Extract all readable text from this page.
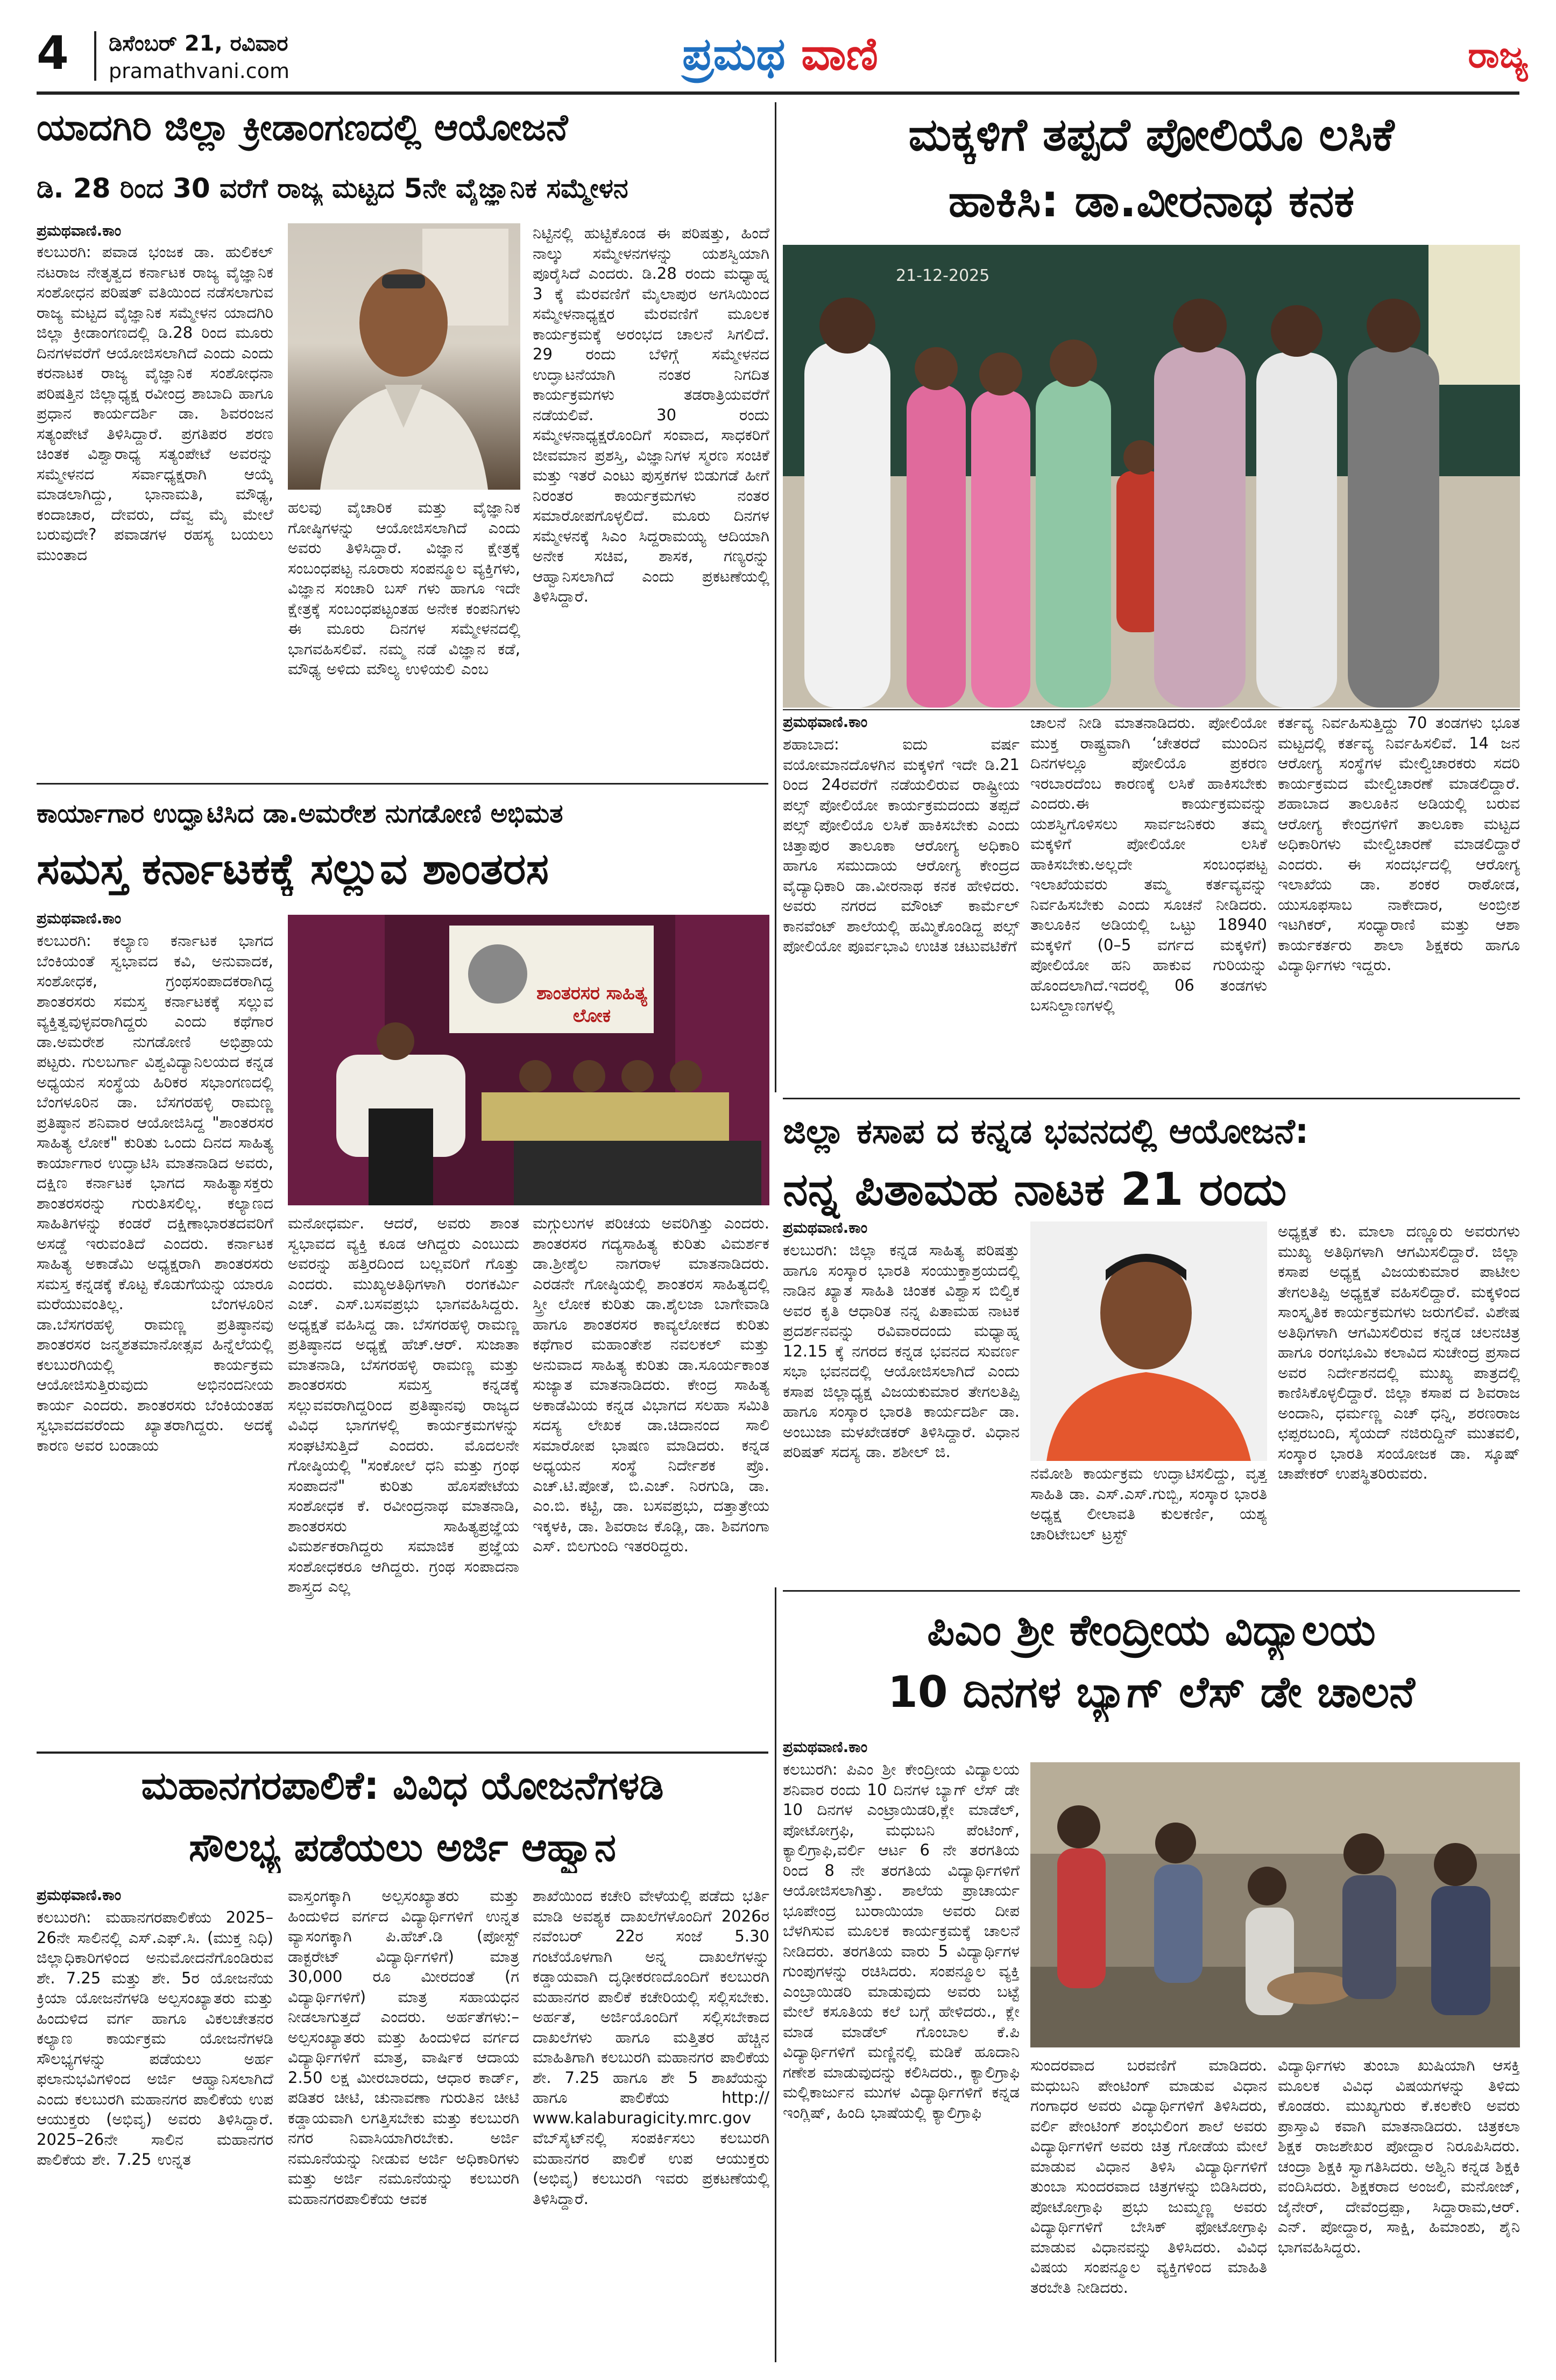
4 ಡಿಸೆಂಬರ್ 21, ರವಿವಾರ
pramathvani.com	ಪ್ರಮಥ ವಾಣಿ	ರಾಜ್ಯ
ಯಾದಗಿರಿ ಜಿಲ್ಲಾ ಕ್ರೀಡಾಂಗಣದಲ್ಲಿ ಆಯೋಜನೆ
ಡಿ. 28 ರಿಂದ 30 ವರೆಗೆ ರಾಜ್ಯ ಮಟ್ಟದ 5ನೇ ವೈಜ್ಞಾನಿಕ ಸಮ್ಮೇಳನ
ಪ್ರಮಥವಾಣಿ.ಕಾಂ
ಕಲಬುರಗಿ: ಪವಾಡ ಭಂಜಕ ಡಾ. ಹುಲಿಕಲ್ ನಟರಾಜ ನೇತೃತ್ವದ ಕರ್ನಾಟಕ ರಾಜ್ಯ ವೈಜ್ಞಾನಿಕ ಸಂಶೋಧನ ಪರಿಷತ್ ವತಿಯಿಂದ ನಡೆಸಲಾಗುವ ರಾಜ್ಯ ಮಟ್ಟದ ವೈಜ್ಞಾನಿಕ ಸಮ್ಮೇಳನ ಯಾದಗಿರಿ ಜಿಲ್ಲಾ ಕ್ರೀಡಾಂಗಣದಲ್ಲಿ ಡಿ.28 ರಿಂದ ಮೂರು ದಿನಗಳವರೆಗೆ ಆಯೋಜಿಸಲಾಗಿದೆ ಎಂದು ಎಂದು ಕರನಾಟಕ ರಾಜ್ಯ ವೈಜ್ಞಾನಿಕ ಸಂಶೋಧನಾ ಪರಿಷತ್ತಿನ ಜಿಲ್ಲಾಧ್ಯಕ್ಷ ರವೀಂದ್ರ ಶಾಬಾದಿ ಹಾಗೂ ಪ್ರಧಾನ ಕಾರ್ಯದರ್ಶಿ ಡಾ. ಶಿವರಂಜನ ಸತ್ಯಂಪೇಟೆ ತಿಳಿಸಿದ್ದಾರೆ. ಪ್ರಗತಿಪರ ಶರಣ ಚಿಂತಕ ವಿಶ್ವಾರಾಧ್ಯ ಸತ್ಯಂಪೇಟೆ ಅವರನ್ನು ಸಮ್ಮೇಳನದ ಸರ್ವಾಧ್ಯಕ್ಷರಾಗಿ ಆಯ್ಕೆ ಮಾಡಲಾಗಿದ್ದು, ಭಾನಾಮತಿ, ಮೌಢ್ಯ, ಕಂದಾಚಾರ, ದೇವರು, ದೆವ್ವ ಮೈ ಮೇಲೆ ಬರುವುದೇ? ಪವಾಡಗಳ ರಹಸ್ಯ ಬಯಲು ಮುಂತಾದ
ಹಲವು ವೈಚಾರಿಕ ಮತ್ತು ವೈಜ್ಞಾನಿಕ ಗೋಷ್ಠಿಗಳನ್ನು ಆಯೋಜಿಸಲಾಗಿದೆ ಎಂದು ಅವರು ತಿಳಿಸಿದ್ದಾರೆ. ವಿಜ್ಞಾನ ಕ್ಷೇತ್ರಕ್ಕೆ ಸಂಬಂಧಪಟ್ಟ ನೂರಾರು ಸಂಪನ್ಮೂಲ ವ್ಯಕ್ತಿಗಳು, ವಿಜ್ಞಾನ ಸಂಚಾರಿ ಬಸ್ ಗಳು ಹಾಗೂ ಇದೇ ಕ್ಷೇತ್ರಕ್ಕೆ ಸಂಬಂಧಪಟ್ಟಂತಹ ಅನೇಕ ಕಂಪನಿಗಳು ಈ ಮೂರು ದಿನಗಳ ಸಮ್ಮೇಳನದಲ್ಲಿ ಭಾಗವಹಿಸಲಿವೆ. ನಮ್ಮ ನಡೆ ವಿಜ್ಞಾನ ಕಡೆ, ಮೌಢ್ಯ ಅಳಿದು ಮೌಲ್ಯ ಉಳಿಯಲಿ ಎಂಬ
ನಿಟ್ಟಿನಲ್ಲಿ ಹುಟ್ಟಿಕೊಂಡ ಈ ಪರಿಷತ್ತು, ಹಿಂದೆ ನಾಲ್ಕು ಸಮ್ಮೇಳನಗಳನ್ನು ಯಶಸ್ವಿಯಾಗಿ ಪೂರೈಸಿದೆ ಎಂದರು. ಡಿ.28 ರಂದು ಮಧ್ಯಾಹ್ನ 3 ಕ್ಕೆ ಮೆರವಣಿಗೆ ಮೈಲಾಪುರ ಅಗಸಿಯಿಂದ ಸಮ್ಮೇಳನಾಧ್ಯಕ್ಷರ ಮೆರವಣಿಗೆ ಮೂಲಕ ಕಾರ್ಯಕ್ರಮಕ್ಕೆ ಅರಂಭದ ಚಾಲನೆ ಸಿಗಲಿದೆ. 29 ರಂದು ಬೆಳಿಗ್ಗೆ ಸಮ್ಮೇಳನದ ಉದ್ಘಾಟನೆಯಾಗಿ ನಂತರ ನಿಗದಿತ ಕಾರ್ಯಕ್ರಮಗಳು ತಡರಾತ್ರಿಯವರೆಗೆ ನಡೆಯಲಿವೆ. 30 ರಂದು ಸಮ್ಮೇಳನಾಧ್ಯಕ್ಷರೊಂದಿಗೆ ಸಂವಾದ, ಸಾಧಕರಿಗೆ ಜೀವಮಾನ ಪ್ರಶಸ್ತಿ, ವಿಜ್ಞಾನಿಗಳ ಸ್ಮರಣ ಸಂಚಿಕೆ ಮತ್ತು ಇತರೆ ಎಂಟು ಪುಸ್ತಕಗಳ ಬಿಡುಗಡೆ ಹೀಗೆ ನಿರಂತರ ಕಾರ್ಯಕ್ರಮಗಳು ನಂತರ ಸಮಾರೋಪಗೊಳ್ಳಲಿದೆ. ಮೂರು ದಿನಗಳ ಸಮ್ಮೇಳನಕ್ಕೆ ಸಿಎಂ ಸಿದ್ದರಾಮಯ್ಯ ಆದಿಯಾಗಿ ಅನೇಕ ಸಚಿವ, ಶಾಸಕ, ಗಣ್ಯರನ್ನು ಆಹ್ವಾನಿಸಲಾಗಿದೆ ಎಂದು ಪ್ರಕಟಣೆಯಲ್ಲಿ ತಿಳಿಸಿದ್ದಾರೆ.
ಮಕ್ಕಳಿಗೆ ತಪ್ಪದೆ ಪೋಲಿಯೊ ಲಸಿಕೆ
ಹಾಕಿಸಿ: ಡಾ.ವೀರನಾಥ ಕನಕ
21-12-2025
ಪ್ರಮಥವಾಣಿ.ಕಾಂ
ಶಹಾಬಾದ: ಐದು ವರ್ಷ ವಯೋಮಾನದೊಳಗಿನ ಮಕ್ಕಳಿಗೆ ಇದೇ ಡಿ.21 ರಿಂದ 24ರವರೆಗೆ ನಡೆಯಲಿರುವ ರಾಷ್ಟ್ರೀಯ ಪಲ್ಸ್ ಪೋಲಿಯೋ ಕಾರ್ಯಕ್ರಮದಂದು ತಪ್ಪದೆ ಪಲ್ಸ್ ಪೋಲಿಯೊ ಲಸಿಕೆ ಹಾಕಿಸಬೇಕು ಎಂದು ಚಿತ್ತಾಪುರ ತಾಲೂಕಾ ಆರೋಗ್ಯ ಅಧಿಕಾರಿ ಹಾಗೂ ಸಮುದಾಯ ಆರೋಗ್ಯ ಕೇಂದ್ರದ ವೈದ್ಯಾಧಿಕಾರಿ ಡಾ.ವೀರನಾಥ ಕನಕ ಹೇಳಿದರು. ಅವರು ನಗರದ ಮೌಂಟ್ ಕಾರ್ಮೆಲ್ ಕಾನವೆಂಟ್ ಶಾಲೆಯಲ್ಲಿ ಹಮ್ಮಿಕೊಂಡಿದ್ದ ಪಲ್ಸ್ ಪೋಲಿಯೋ ಪೂರ್ವಭಾವಿ ಉಚಿತ ಚಟುವಟಿಕೆಗೆ
ಚಾಲನೆ ನೀಡಿ ಮಾತನಾಡಿದರು. ಪೋಲಿಯೋ ಮುಕ್ತ ರಾಷ್ಟ್ರವಾಗಿ ‘ಚೇತರದೆ ಮುಂದಿನ ದಿನಗಳಲ್ಲೂ ಪೋಲಿಯೊ ಪ್ರಕರಣ ಇರಬಾರದೆಂಬ ಕಾರಣಕ್ಕೆ ಲಸಿಕೆ ಹಾಕಿಸಬೇಕು ಎಂದರು.ಈ ಕಾರ್ಯಕ್ರಮವನ್ನು ಯಶಸ್ವಿಗೊಳಿಸಲು ಸಾರ್ವಜನಿಕರು ತಮ್ಮ ಮಕ್ಕಳಿಗೆ ಪೋಲಿಯೋ ಲಸಿಕೆ ಹಾಕಿಸಬೇಕು.ಅಲ್ಲದೇ ಸಂಬಂಧಪಟ್ಟ ಇಲಾಖೆಯವರು ತಮ್ಮ ಕರ್ತವ್ಯವನ್ನು ನಿರ್ವಹಿಸಬೇಕು ಎಂದು ಸೂಚನೆ ನೀಡಿದರು. ತಾಲೂಕಿನ ಅಡಿಯಲ್ಲಿ ಒಟ್ಟು 18940 ಮಕ್ಕಳಿಗೆ (0–5 ವರ್ಗದ ಮಕ್ಕಳಿಗೆ) ಪೋಲಿಯೋ ಹನಿ ಹಾಕುವ ಗುರಿಯನ್ನು ಹೊಂದಲಾಗಿದೆ.ಇದರಲ್ಲಿ 06 ತಂಡಗಳು ಬಸನಿಲ್ದಾಣಗಳಲ್ಲಿ
ಕರ್ತವ್ಯ ನಿರ್ವಹಿಸುತ್ತಿದ್ದು 70 ತಂಡಗಳು ಭೂತ ಮಟ್ಟದಲ್ಲಿ ಕರ್ತವ್ಯ ನಿರ್ವಹಿಸಲಿವೆ. 14 ಜನ ಆರೋಗ್ಯ ಸಂಸ್ಥೆಗಳ ಮೇಲ್ವಿಚಾರಕರು ಸದರಿ ಕಾರ್ಯಕ್ರಮದ ಮೇಲ್ವಿಚಾರಣೆ ಮಾಡಲಿದ್ದಾರೆ. ಶಹಾಬಾದ ತಾಲೂಕಿನ ಅಡಿಯಲ್ಲಿ ಬರುವ ಆರೋಗ್ಯ ಕೇಂದ್ರಗಳಿಗೆ ತಾಲೂಕಾ ಮಟ್ಟದ ಅಧಿಕಾರಿಗಳು ಮೇಲ್ವಿಚಾರಣೆ ಮಾಡಲಿದ್ದಾರೆ ಎಂದರು. ಈ ಸಂದರ್ಭದಲ್ಲಿ ಆರೋಗ್ಯ ಇಲಾಖೆಯ ಡಾ. ಶಂಕರ ರಾಠೋಡ, ಯುಸೂಫಸಾಬ ನಾಕೇದಾರ, ಅಂಬ್ರೀಶ ಇಟಗಿಕರ್, ಸಂಧ್ಯಾರಾಣಿ ಮತ್ತು ಆಶಾ ಕಾರ್ಯಕರ್ತರು ಶಾಲಾ ಶಿಕ್ಷಕರು ಹಾಗೂ ವಿದ್ಯಾರ್ಥಿಗಳು ಇದ್ದರು.
ಕಾರ್ಯಾಗಾರ ಉದ್ಘಾಟಿಸಿದ ಡಾ.ಅಮರೇಶ ನುಗಡೋಣಿ ಅಭಿಮತ
ಸಮಸ್ತ ಕರ್ನಾಟಕಕ್ಕೆ ಸಲ್ಲುವ ಶಾಂತರಸ
ಪ್ರಮಥವಾಣಿ.ಕಾಂ
ಕಲಬುರಗಿ: ಕಲ್ಯಾಣ ಕರ್ನಾಟಕ ಭಾಗದ ಬೆಂಕಿಯಂತೆ ಸ್ವಭಾವದ ಕವಿ, ಅನುವಾದಕ, ಸಂಶೋಧಕ, ಗ್ರಂಥಸಂಪಾದಕರಾಗಿದ್ದ ಶಾಂತರಸರು ಸಮಸ್ತ ಕರ್ನಾಟಕಕ್ಕೆ ಸಲ್ಲುವ ವ್ಯಕ್ತಿತ್ವವುಳ್ಳವರಾಗಿದ್ದರು ಎಂದು ಕಥೆಗಾರ ಡಾ.ಅಮರೇಶ ನುಗಡೋಣಿ ಅಭಿಪ್ರಾಯ ಪಟ್ಟರು. ಗುಲಬರ್ಗಾ ವಿಶ್ವವಿದ್ಯಾನಿಲಯದ ಕನ್ನಡ ಅಧ್ಯಯನ ಸಂಸ್ಥೆಯ ಹಿರಿಕರ ಸಭಾಂಗಣದಲ್ಲಿ ಬೆಂಗಳೂರಿನ ಡಾ. ಬೆಸಗರಹಳ್ಳಿ ರಾಮಣ್ಣ ಪ್ರತಿಷ್ಠಾನ ಶನಿವಾರ ಆಯೋಜಿಸಿದ್ದ "ಶಾಂತರಸರ ಸಾಹಿತ್ಯ ಲೋಕ" ಕುರಿತು ಒಂದು ದಿನದ ಸಾಹಿತ್ಯ ಕಾರ್ಯಾಗಾರ ಉದ್ಘಾಟಿಸಿ ಮಾತನಾಡಿದ ಅವರು, ದಕ್ಷಿಣ ಕರ್ನಾಟಕ ಭಾಗದ ಸಾಹಿತ್ಯಾಸಕ್ತರು ಶಾಂತರಸರನ್ನು ಗುರುತಿಸಲಿಲ್ಲ. ಕಲ್ಯಾಣದ ಸಾಹಿತಿಗಳನ್ನು ಕಂಡರೆ ದಕ್ಷಿಣಾಭಾರತದವರಿಗೆ ಅಸಡ್ಡೆ ಇರುವಂತಿದೆ ಎಂದರು. ಕರ್ನಾಟಕ ಸಾಹಿತ್ಯ ಅಕಾಡೆಮಿ ಅಧ್ಯಕ್ಷರಾಗಿ ಶಾಂತರಸರು ಸಮಸ್ತ ಕನ್ನಡಕ್ಕೆ ಕೊಟ್ಟ ಕೊಡುಗೆಯನ್ನು ಯಾರೂ ಮರೆಯುವಂತಿಲ್ಲ. ಬೆಂಗಳೂರಿನ ಡಾ.ಬೆಸಗರಹಳ್ಳಿ ರಾಮಣ್ಣ ಪ್ರತಿಷ್ಠಾನವು ಶಾಂತರಸರ ಜನ್ಮಶತಮಾನೋತ್ಸವ ಹಿನ್ನೆಲೆಯಲ್ಲಿ ಕಲಬುರಗಿಯಲ್ಲಿ ಕಾರ್ಯಕ್ರಮ ಆಯೋಜಿಸುತ್ತಿರುವುದು ಅಭಿನಂದನೀಯ ಕಾರ್ಯ ಎಂದರು. ಶಾಂತರಸರು ಬೆಂಕಿಯಂತಹ ಸ್ವಭಾವದವರೆಂದು ಖ್ಯಾತರಾಗಿದ್ದರು. ಅದಕ್ಕೆ ಕಾರಣ ಅವರ ಬಂಡಾಯ
ಶಾಂತರಸರ ಸಾಹಿತ್ಯ ಲೋಕ
ಮನೋಧರ್ಮ. ಆದರೆ, ಅವರು ಶಾಂತ ಸ್ವಭಾವದ ವ್ಯಕ್ತಿ ಕೂಡ ಆಗಿದ್ದರು ಎಂಬುದು ಅವರನ್ನು ಹತ್ತಿರದಿಂದ ಬಲ್ಲವರಿಗೆ ಗೊತ್ತು ಎಂದರು. ಮುಖ್ಯಅತಿಥಿಗಳಾಗಿ ರಂಗಕರ್ಮಿ ಎಚ್. ಎಸ್.ಬಸವಪ್ರಭು ಭಾಗವಹಿಸಿದ್ದರು. ಅಧ್ಯಕ್ಷತೆ ವಹಿಸಿದ್ದ ಡಾ. ಬೆಸಗರಹಳ್ಳಿ ರಾಮಣ್ಣ ಪ್ರತಿಷ್ಠಾನದ ಅಧ್ಯಕ್ಷೆ ಹೆಚ್.ಆರ್. ಸುಜಾತಾ ಮಾತನಾಡಿ, ಬೆಸಗರಹಳ್ಳಿ ರಾಮಣ್ಣ ಮತ್ತು ಶಾಂತರಸರು ಸಮಸ್ತ ಕನ್ನಡಕ್ಕೆ ಸಲ್ಲುವವರಾಗಿದ್ದರಿಂದ ಪ್ರತಿಷ್ಠಾನವು ರಾಜ್ಯದ ವಿವಿಧ ಭಾಗಗಳಲ್ಲಿ ಕಾರ್ಯಕ್ರಮಗಳನ್ನು ಸಂಘಟಿಸುತ್ತಿದೆ ಎಂದರು. ಮೊದಲನೇ ಗೋಷ್ಠಿಯಲ್ಲಿ "ಸಂಕೋಲೆ ಧನಿ ಮತ್ತು ಗ್ರಂಥ ಸಂಪಾದನೆ" ಕುರಿತು ಹೊಸಪೇಟೆಯ ಸಂಶೋಧಕ ಕೆ. ರವೀಂದ್ರನಾಥ ಮಾತನಾಡಿ, ಶಾಂತರಸರು ಸಾಹಿತ್ಯಪ್ರಜ್ಞೆಯ ವಿಮರ್ಶಕರಾಗಿದ್ದರು ಸಮಾಜಿಕ ಪ್ರಜ್ಞೆಯ ಸಂಶೋಧಕರೂ ಆಗಿದ್ದರು. ಗ್ರಂಥ ಸಂಪಾದನಾ ಶಾಸ್ತ್ರದ ಎಲ್ಲ
ಮಗ್ಗುಲುಗಳ ಪರಿಚಯ ಅವರಿಗಿತ್ತು ಎಂದರು. ಶಾಂತರಸರ ಗದ್ಯಸಾಹಿತ್ಯ ಕುರಿತು ವಿಮರ್ಶಕ ಡಾ.ಶ್ರೀಶೈಲ ನಾಗರಾಳ ಮಾತನಾಡಿದರು. ಎರಡನೇ ಗೋಷ್ಠಿಯಲ್ಲಿ ಶಾಂತರಸ ಸಾಹಿತ್ಯದಲ್ಲಿ ಸ್ತ್ರೀ ಲೋಕ ಕುರಿತು ಡಾ.ಶೈಲಜಾ ಬಾಗೇವಾಡಿ ಹಾಗೂ ಶಾಂತರಸರ ಕಾವ್ಯಲೋಕದ ಕುರಿತು ಕಥೆಗಾರ ಮಹಾಂತೇಶ ನವಲಕಲ್ ಮತ್ತು ಅನುವಾದ ಸಾಹಿತ್ಯ ಕುರಿತು ಡಾ.ಸೂರ್ಯಕಾಂತ ಸುಜ್ಯಾತ ಮಾತನಾಡಿದರು. ಕೇಂದ್ರ ಸಾಹಿತ್ಯ ಅಕಾಡೆಮಿಯ ಕನ್ನಡ ವಿಭಾಗದ ಸಲಹಾ ಸಮಿತಿ ಸದಸ್ಯ ಲೇಖಕ ಡಾ.ಚಿದಾನಂದ ಸಾಲಿ ಸಮಾರೋಪ ಭಾಷಣ ಮಾಡಿದರು. ಕನ್ನಡ ಅಧ್ಯಯನ ಸಂಸ್ಥೆ ನಿರ್ದೇಶಕ ಪ್ರೊ. ಎಚ್.ಟಿ.ಪೋತೆ, ಬಿ.ಎಚ್. ನಿರಗುಡಿ, ಡಾ. ಎಂ.ಬಿ. ಕಟ್ಟಿ, ಡಾ. ಬಸವಪ್ರಭು, ದತ್ತಾತ್ರೇಯ ಇಕ್ಕಳಕಿ, ಡಾ. ಶಿವರಾಜ ಕೊಡ್ಲಿ, ಡಾ. ಶಿವಗಂಗಾ ಎಸ್. ಬಿಲಗುಂದಿ ಇತರರಿದ್ದರು.
ಜಿಲ್ಲಾ ಕಸಾಪ ದ ಕನ್ನಡ ಭವನದಲ್ಲಿ ಆಯೋಜನೆ:
ನನ್ನ ಪಿತಾಮಹ ನಾಟಕ 21 ರಂದು
ಪ್ರಮಥವಾಣಿ.ಕಾಂ
ಕಲಬುರಗಿ: ಜಿಲ್ಲಾ ಕನ್ನಡ ಸಾಹಿತ್ಯ ಪರಿಷತ್ತು ಹಾಗೂ ಸಂಸ್ಕಾರ ಭಾರತಿ ಸಂಯುಕ್ತಾಶ್ರಯದಲ್ಲಿ ನಾಡಿನ ಖ್ಯಾತ ಸಾಹಿತಿ ಚಿಂತಕ ವಿಶ್ವಾಸ ಬಿಲ್ವಿಕ ಅವರ ಕೃತಿ ಆಧಾರಿತ ನನ್ನ ಪಿತಾಮಹ ನಾಟಕ ಪ್ರದರ್ಶನವನ್ನು ರವಿವಾರದಂದು ಮಧ್ಯಾಹ್ನ 12.15 ಕ್ಕೆ ನಗರದ ಕನ್ನಡ ಭವನದ ಸುವರ್ಣ ಸಭಾ ಭವನದಲ್ಲಿ ಆಯೋಜಿಸಲಾಗಿದೆ ಎಂದು ಕಸಾಪ ಜಿಲ್ಲಾಧ್ಯಕ್ಷ ವಿಜಯಕುಮಾರ ತೇಗಲತಿಪ್ಪಿ ಹಾಗೂ ಸಂಸ್ಕಾರ ಭಾರತಿ ಕಾರ್ಯದರ್ಶಿ ಡಾ. ಅಂಬುಜಾ ಮಳಖೇಡಕರ್ ತಿಳಿಸಿದ್ದಾರೆ. ವಿಧಾನ ಪರಿಷತ್ ಸದಸ್ಯ ಡಾ. ಶಶೀಲ್ ಜಿ.
ಅಧ್ಯಕ್ಷತೆ ಕು. ಮಾಲಾ ದಣ್ಣೂರು ಅವರುಗಳು ಮುಖ್ಯ ಅತಿಥಿಗಳಾಗಿ ಆಗಮಿಸಲಿದ್ದಾರೆ. ಜಿಲ್ಲಾ ಕಸಾಪ ಅಧ್ಯಕ್ಷ ವಿಜಯಕುಮಾರ ಪಾಟೀಲ ತೇಗಲತಿಪ್ಪಿ ಅಧ್ಯಕ್ಷತೆ ವಹಿಸಲಿದ್ದಾರೆ. ಮಕ್ಕಳಿಂದ ಸಾಂಸ್ಕೃತಿಕ ಕಾರ್ಯಕ್ರಮಗಳು ಜರುಗಲಿವೆ. ವಿಶೇಷ ಅತಿಥಿಗಳಾಗಿ ಆಗಮಿಸಲಿರುವ ಕನ್ನಡ ಚಲನಚಿತ್ರ ಹಾಗೂ ರಂಗಭೂಮಿ ಕಲಾವಿದ ಸುಚೇಂದ್ರ ಪ್ರಸಾದ ಅವರ ನಿರ್ದೇಶನದಲ್ಲಿ ಮುಖ್ಯ ಪಾತ್ರದಲ್ಲಿ ಕಾಣಿಸಿಕೊಳ್ಳಲಿದ್ದಾರೆ. ಜಿಲ್ಲಾ ಕಸಾಪ ದ ಶಿವರಾಜ ಅಂದಾನಿ, ಧರ್ಮಣ್ಣ ಎಚ್ ಧನ್ನಿ, ಶರಣರಾಜ ಛಪ್ಪರಬಂದಿ, ಸೈಯದ್ ನಜಿರುದ್ದಿನ್ ಮುತವಲಿ, ಸಂಸ್ಕಾರ ಭಾರತಿ ಸಂಯೋಜಕ ಡಾ. ಸ್ಕೂಷ್ ಚಾಪೇಕರ್ ಉಪಸ್ಥಿತರಿರುವರು.
ನಮೋಶಿ ಕಾರ್ಯಕ್ರಮ ಉದ್ಘಾಟಿಸಲಿದ್ದು, ವೃತ್ತ ಸಾಹಿತಿ ಡಾ. ಎಸ್.ಎಸ್.ಗುಬ್ಬಿ, ಸಂಸ್ಕಾರ ಭಾರತಿ ಅಧ್ಯಕ್ಷ ಲೀಲಾವತಿ ಕುಲಕರ್ಣಿ, ಯಶ್ಯ ಚಾರಿಟೇಬಲ್ ಟ್ರಸ್ಟ್
ಪಿಎಂ ಶ್ರೀ ಕೇಂದ್ರೀಯ ವಿದ್ಯಾಲಯ
10 ದಿನಗಳ ಬ್ಯಾಗ್ ಲೆಸ್ ಡೇ ಚಾಲನೆ
ಪ್ರಮಥವಾಣಿ.ಕಾಂ
ಕಲಬುರಗಿ: ಪಿಎಂ ಶ್ರೀ ಕೇಂದ್ರೀಯ ವಿದ್ಯಾಲಯ ಶನಿವಾರ ರಂದು 10 ದಿನಗಳ ಬ್ಯಾಗ್ ಲೆಸ್ ಡೇ 10 ದಿನಗಳ ಎಂಟ್ರಾಯಿಡರಿ,ಕ್ಲೇ ಮಾಡೆಲ್, ಪೋಟೋಗ್ರಫಿ, ಮಧುಬನಿ ಪೆಂಟಿಂಗ್, ಕ್ಯಾಲಿಗ್ರಾಫಿ,ವರ್ಲಿ ಆರ್ಟ 6 ನೇ ತರಗತಿಯ ರಿಂದ 8 ನೇ ತರಗತಿಯ ವಿದ್ಯಾರ್ಥಿಗಳಿಗೆ ಆಯೋಜಿಸಲಾಗಿತ್ತು. ಶಾಲೆಯ ಪ್ರಾಚಾರ್ಯ ಭೂಪೇಂದ್ರ ಬುರಾಯಿಯಾ ಅವರು ದೀಪ ಬೆಳಗಿಸುವ ಮೂಲಕ ಕಾರ್ಯಕ್ರಮಕ್ಕೆ ಚಾಲನೆ ನೀಡಿದರು. ತರಗತಿಯ ವಾರು 5 ವಿದ್ಯಾರ್ಥಿಗಳ ಗುಂಪುಗಳನ್ನು ರಚಿಸಿದರು. ಸಂಪನ್ಮೂಲ ವ್ಯಕ್ತಿ ಎಂಬ್ರಾಯಿಡರಿ ಮಾಡುವುದು ಅವರು ಬಟ್ಟೆ ಮೇಲೆ ಕಸೂತಿಯ ಕಲೆ ಬಗ್ಗೆ ಹೇಳಿದರು., ಕ್ಲೇ ಮಾಡ ಮಾಡೆಲ್ ಗೊಂಬಾಲ ಕೆ.ಪಿ ವಿದ್ಯಾರ್ಥಿಗಳಿಗೆ ಮಣ್ಣಿನಲ್ಲಿ ಮಡಿಕೆ ಹೂದಾನಿ ಗಣೇಶ ಮಾಡುವುದನ್ನು ಕಲಿಸಿದರು., ಕ್ಯಾಲಿಗ್ರಾಫಿ ಮಲ್ಲಿಕಾರ್ಜುನ ಮುಗಳ ವಿದ್ಯಾರ್ಥಿಗಳಿಗೆ ಕನ್ನಡ ಇಂಗ್ಲಿಷ್, ಹಿಂದಿ ಭಾಷೆಯಲ್ಲಿ ಕ್ಯಾಲಿಗ್ರಾಫಿ
ಸುಂದರವಾದ ಬರವಣಿಗೆ ಮಾಡಿದರು. ಮಧುಬನಿ ಪೇಂಟಿಂಗ್ ಮಾಡುವ ವಿಧಾನ ಗಂಗಾಧರ ಅವರು ವಿದ್ಯಾರ್ಥಿಗಳಿಗೆ ತಿಳಿಸಿದರು, ವರ್ಲಿ ಪೇಂಟಿಂಗ್ ಶಂಭುಲಿಂಗ ಶಾಲೆ ಅವರು ವಿದ್ಯಾರ್ಥಿಗಳಿಗೆ ಅವರು ಚಿತ್ರ ಗೋಡೆಯ ಮೇಲೆ ಮಾಡುವ ವಿಧಾನ ತಿಳಿಸಿ ವಿದ್ಯಾರ್ಥಿಗಳಿಗೆ ತುಂಬಾ ಸುಂದರವಾದ ಚಿತ್ರಗಳನ್ನು ಬಿಡಿಸಿದರು, ಪೋಟೋಗ್ರಾಫಿ ಪ್ರಭು ಜುಮ್ಮಣ್ಣ ಅವರು ವಿದ್ಯಾರ್ಥಿಗಳಿಗೆ ಬೇಸಿಕ್ ಫೋಟೋಗ್ರಾಫಿ ಮಾಡುವ ವಿಧಾನವನ್ನು ತಿಳಿಸಿದರು. ವಿವಿಧ ವಿಷಯ ಸಂಪನ್ಮೂಲ ವ್ಯಕ್ತಿಗಳಿಂದ ಮಾಹಿತಿ ತರಬೇತಿ ನೀಡಿದರು.
ವಿದ್ಯಾರ್ಥಿಗಳು ತುಂಬಾ ಖುಷಿಯಾಗಿ ಆಸಕ್ತಿ ಮೂಲಕ ವಿವಿಧ ವಿಷಯಗಳನ್ನು ತಿಳಿದು ಕೊಂಡರು. ಮುಖ್ಯಗುರು ಕೆ.ಕಲಕೇರಿ ಅವರು ಪ್ರಾಸ್ತಾವಿ ಕವಾಗಿ ಮಾತನಾಡಿದರು. ಚಿತ್ರಕಲಾ ಶಿಕ್ಷಕ ರಾಜಶೇಖರ ಪೋದ್ದಾರ ನಿರೂಪಿಸಿದರು. ಚಂದ್ರಾ ಶಿಕ್ಷಕಿ ಸ್ವಾಗತಿಸಿದರು. ಅಶ್ವಿನಿ ಕನ್ನಡ ಶಿಕ್ಷಕಿ ವಂದಿಸಿದರು. ಶಿಕ್ಷಕರಾದ ಅಂಜಲಿ, ಮನೋಜ್, ಜೈನೇರ್, ದೇವೆಂದ್ರಪ್ಪಾ, ಸಿದ್ದಾರಾಮ,ಆರ್. ಎನ್. ಪೋದ್ದಾರ, ಸಾಕ್ಷಿ, ಹಿಮಾಂಶು, ಶೈನಿ ಭಾಗವಹಿಸಿದ್ದರು.
ಮಹಾನಗರಪಾಲಿಕೆ: ವಿವಿಧ ಯೋಜನೆಗಳಡಿ
ಸೌಲಭ್ಯ ಪಡೆಯಲು ಅರ್ಜಿ ಆಹ್ವಾನ
ಪ್ರಮಥವಾಣಿ.ಕಾಂ
ಕಲಬುರಗಿ: ಮಹಾನಗರಪಾಲಿಕೆಯ 2025–26ನೇ ಸಾಲಿನಲ್ಲಿ ಎಸ್.ಎಫ್.ಸಿ. (ಮುಕ್ತ ನಿಧಿ) ಜಿಲ್ಲಾಧಿಕಾರಿಗಳಿಂದ ಅನುಮೋದನೆಗೊಂಡಿರುವ ಶೇ. 7.25 ಮತ್ತು ಶೇ. 5ರ ಯೋಜನೆಯ ಕ್ರಿಯಾ ಯೋಜನೆಗಳಡಿ ಅಲ್ಪಸಂಖ್ಯಾತರು ಮತ್ತು ಹಿಂದುಳಿದ ವರ್ಗ ಹಾಗೂ ವಿಕಲಚೇತನರ ಕಲ್ಯಾಣ ಕಾರ್ಯಕ್ರಮ ಯೋಜನೆಗಳಡಿ ಸೌಲಭ್ಯಗಳನ್ನು ಪಡೆಯಲು ಅರ್ಹ ಫಲಾನುಭವಿಗಳಿಂದ ಅರ್ಜಿ ಆಹ್ವಾನಿಸಲಾಗಿದೆ ಎಂದು ಕಲಬುರಗಿ ಮಹಾನಗರ ಪಾಲಿಕೆಯ ಉಪ ಆಯುಕ್ತರು (ಅಭಿವೃ) ಅವರು ತಿಳಿಸಿದ್ದಾರೆ. 2025–26ನೇ ಸಾಲಿನ ಮಹಾನಗರ ಪಾಲಿಕೆಯ ಶೇ. 7.25 ಉನ್ನತ
ವಾಸ್ತಂಗಕ್ಕಾಗಿ ಅಲ್ಪಸಂಖ್ಯಾತರು ಮತ್ತು ಹಿಂದುಳಿದ ವರ್ಗದ ವಿದ್ಯಾರ್ಥಿಗಳಿಗೆ ಉನ್ನತ ವ್ಯಾಸಂಗಕ್ಕಾಗಿ ಪಿ.ಹೆಚ್.ಡಿ (ಪೋಸ್ಟ್ ಡಾಕ್ಟರೇಟ್ ವಿದ್ಯಾರ್ಥಿಗಳಿಗೆ) ಮಾತ್ರ 30,000 ರೂ ಮೀರದಂತೆ (ಗ ವಿದ್ಯಾರ್ಥಿಗಳಿಗೆ) ಮಾತ್ರ ಸಹಾಯಧನ ನೀಡಲಾಗುತ್ತದೆ ಎಂದರು. ಅರ್ಹತೆಗಳು:–ಅಲ್ಪಸಂಖ್ಯಾತರು ಮತ್ತು ಹಿಂದುಳಿದ ವರ್ಗದ ವಿದ್ಯಾರ್ಥಿಗಳಿಗೆ ಮಾತ್ರ, ವಾರ್ಷಿಕ ಆದಾಯ 2.50 ಲಕ್ಷ ಮೀರಬಾರದು, ಆಧಾರ ಕಾರ್ಡ್, ಪಡಿತರ ಚೀಟಿ, ಚುನಾವಣಾ ಗುರುತಿನ ಚೀಟಿ ಕಡ್ಡಾಯವಾಗಿ ಲಗತ್ತಿಸಬೇಕು ಮತ್ತು ಕಲಬುರಗಿ ನಗರ ನಿವಾಸಿಯಾಗಿರಬೇಕು. ಅರ್ಜಿ ನಮೂನೆಯನ್ನು ನೀಡುವ ಅರ್ಜಿ ಅಧಿಕಾರಿಗಳು ಮತ್ತು ಅರ್ಜಿ ನಮೂನೆಯನ್ನು ಕಲಬುರಗಿ ಮಹಾನಗರಪಾಲಿಕೆಯ ಆವಕ
ಶಾಖೆಯಿಂದ ಕಚೇರಿ ವೇಳೆಯಲ್ಲಿ ಪಡೆದು ಭರ್ತಿ ಮಾಡಿ ಅವಶ್ಯಕ ದಾಖಲೆಗಳೊಂದಿಗೆ 2026ರ ನವೆಂಬರ್ 22ರ ಸಂಜೆ 5.30 ಗಂಟೆಯೊಳಗಾಗಿ ಅನ್ನ ದಾಖಲೆಗಳನ್ನು ಕಡ್ಡಾಯವಾಗಿ ದೃಢೀಕರಣದೊಂದಿಗೆ ಕಲಬುರಗಿ ಮಹಾನಗರ ಪಾಲಿಕೆ ಕಚೇರಿಯಲ್ಲಿ ಸಲ್ಲಿಸಬೇಕು. ಅರ್ಹತೆ, ಅರ್ಜಿಯೊಂದಿಗೆ ಸಲ್ಲಿಸಬೇಕಾದ ದಾಖಲೆಗಳು ಹಾಗೂ ಮತ್ತಿತರ ಹೆಚ್ಚಿನ ಮಾಹಿತಿಗಾಗಿ ಕಲಬುರಗಿ ಮಹಾನಗರ ಪಾಲಿಕೆಯ ಶೇ. 7.25 ಹಾಗೂ ಶೇ 5 ಶಾಖೆಯನ್ನು ಹಾಗೂ ಪಾಲಿಕೆಯ http:// www.kalaburagicity.mrc.gov ವೆಬ್‌ಸೈಟ್‌ನಲ್ಲಿ ಸಂಪರ್ಕಿಸಲು ಕಲಬುರಗಿ ಮಹಾನಗರ ಪಾಲಿಕೆ ಉಪ ಆಯುಕ್ತರು (ಅಭಿವೃ) ಕಲಬುರಗಿ ಇವರು ಪ್ರಕಟಣೆಯಲ್ಲಿ ತಿಳಿಸಿದ್ದಾರೆ.
